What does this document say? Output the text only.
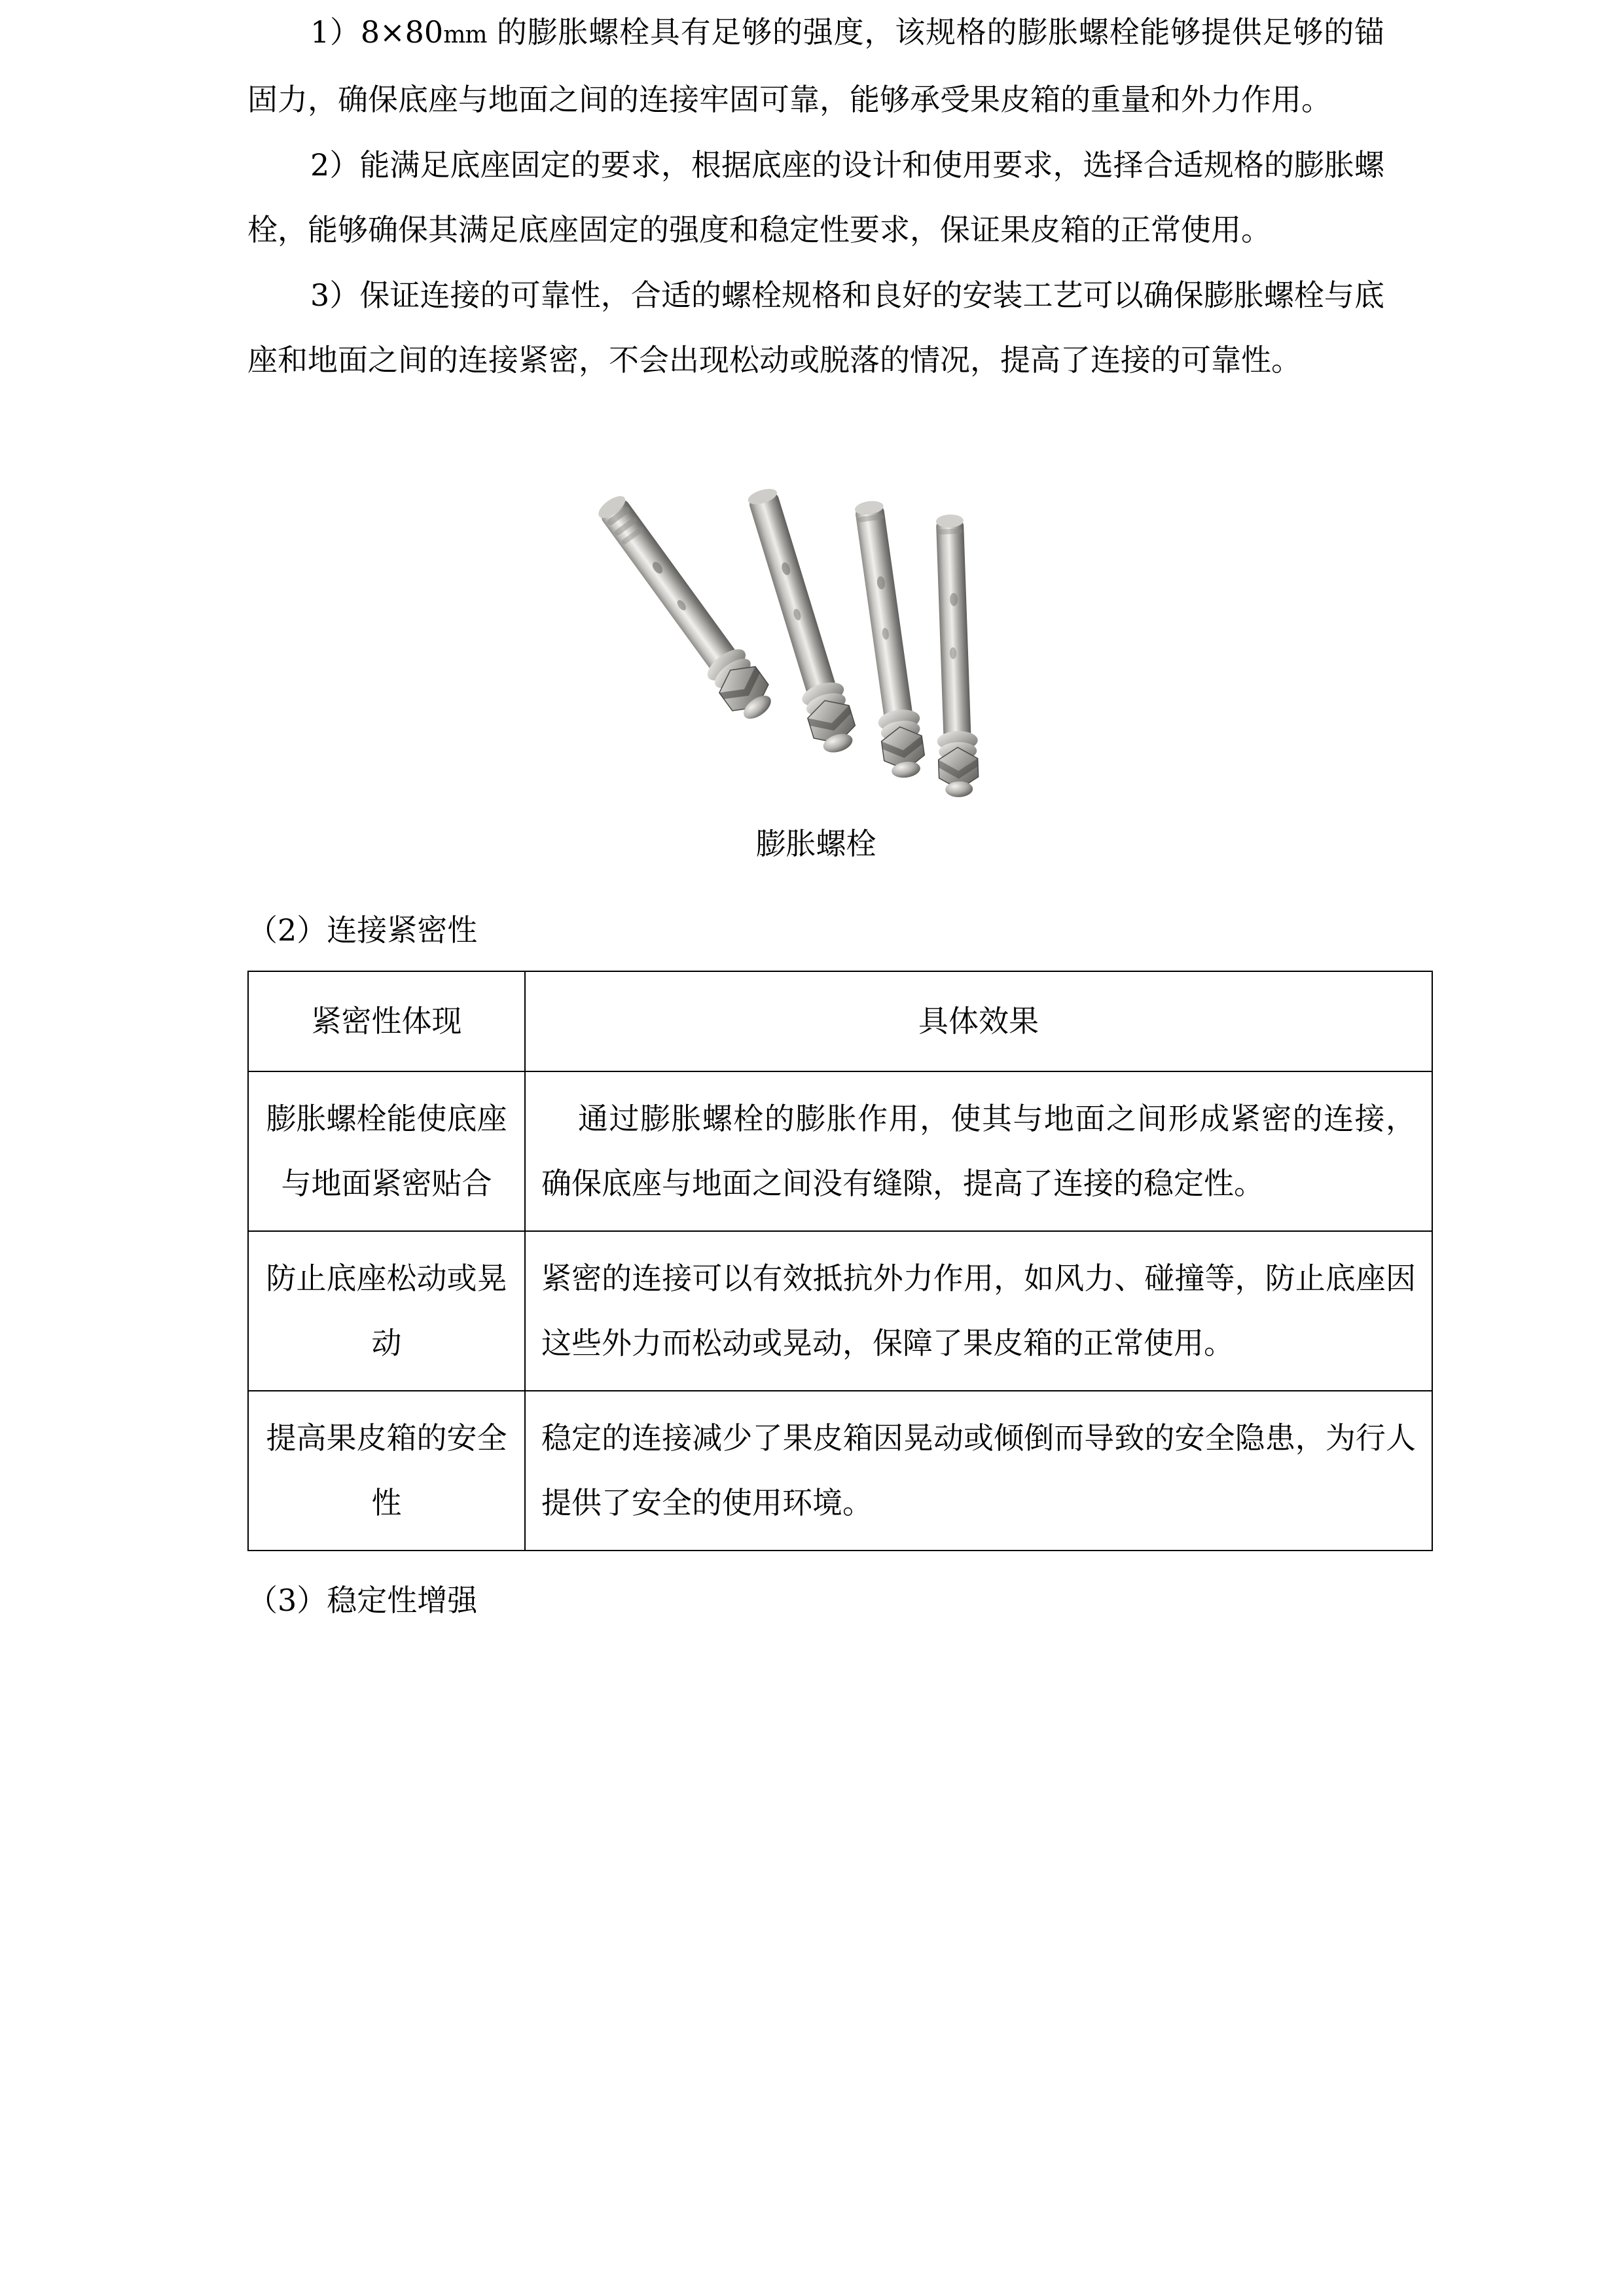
1）8×80mm 的膨胀螺栓具有足够的强度，该规格的膨胀螺栓能够提供足够的锚固力，确保底座与地面之间的连接牢固可靠，能够承受果皮箱的重量和外力作用。

2）能满足底座固定的要求，根据底座的设计和使用要求，选择合适规格的膨胀螺栓，能够确保其满足底座固定的强度和稳定性要求，保证果皮箱的正常使用。

3）保证连接的可靠性，合适的螺栓规格和良好的安装工艺可以确保膨胀螺栓与底座和地面之间的连接紧密，不会出现松动或脱落的情况，提高了连接的可靠性。

膨胀螺栓

（2）连接紧密性

紧密性体现	具体效果
膨胀螺栓能使底座与地面紧密贴合	通过膨胀螺栓的膨胀作用，使其与地面之间形成紧密的连接，确保底座与地面之间没有缝隙，提高了连接的稳定性。
防止底座松动或晃动	紧密的连接可以有效抵抗外力作用，如风力、碰撞等，防止底座因这些外力而松动或晃动，保障了果皮箱的正常使用。
提高果皮箱的安全性	稳定的连接减少了果皮箱因晃动或倾倒而导致的安全隐患，为行人提供了安全的使用环境。

（3）稳定性增强
